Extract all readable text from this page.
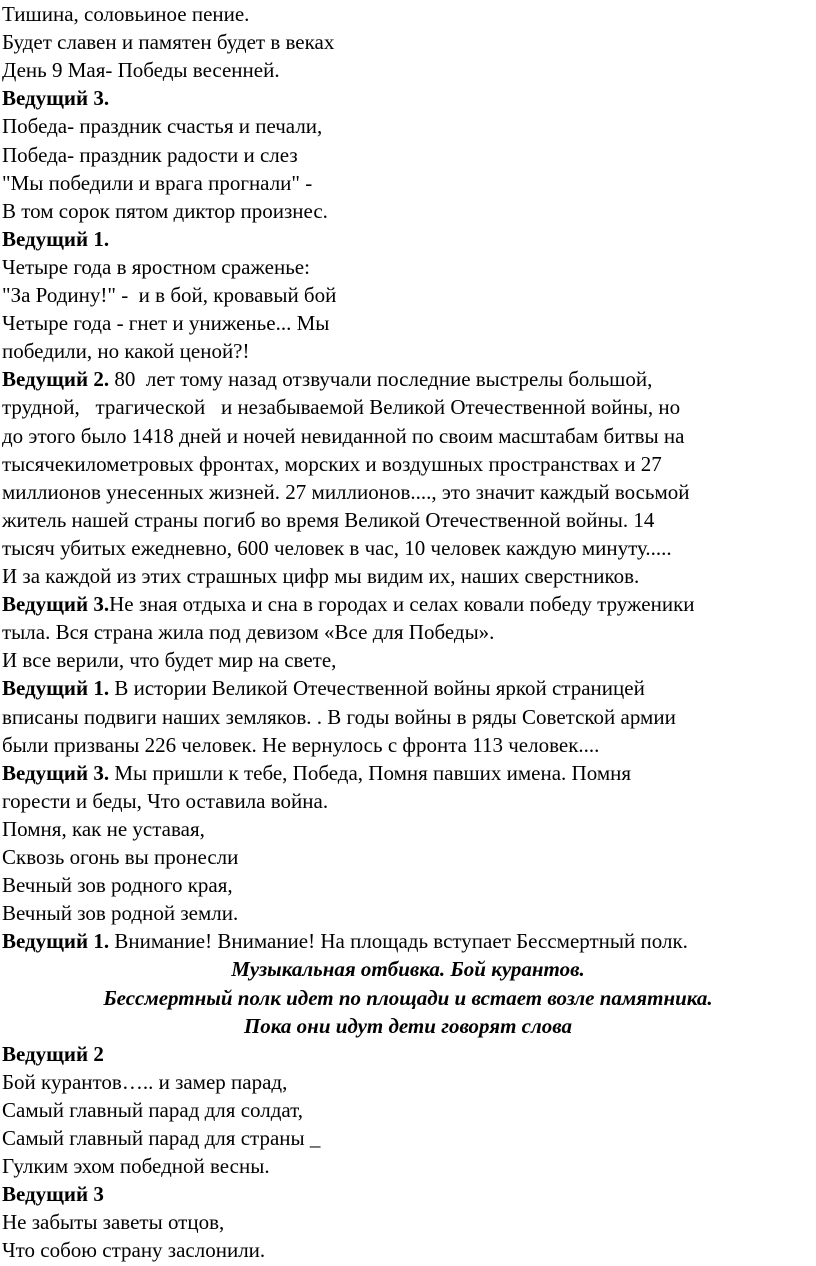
Тишина, соловьиное пение.
Будет славен и памятен будет в веках
День 9 Мая- Победы весенней.
Ведущий 3.
Победа- праздник счастья и печали,
Победа- праздник радости и слез
"Мы победили и врага прогнали" -
В том сорок пятом диктор произнес.
Ведущий 1.
Четыре года в яростном сраженье:
"За Родину!" -  и в бой, кровавый бой
Четыре года - гнет и униженье... Мы
победили, но какой ценой?!
Ведущий 2. 80  лет тому назад отзвучали последние выстрелы большой,
трудной,   трагической   и незабываемой Великой Отечественной войны, но
до этого было 1418 дней и ночей невиданной по своим масштабам битвы на
тысячекилометровых фронтах, морских и воздушных пространствах и 27
миллионов унесенных жизней. 27 миллионов...., это значит каждый восьмой
житель нашей страны погиб во время Великой Отечественной войны. 14
тысяч убитых ежедневно, 600 человек в час, 10 человек каждую минуту.....
И за каждой из этих страшных цифр мы видим их, наших сверстников.
Ведущий 3.Не зная отдыха и сна в городах и селах ковали победу труженики
тыла. Вся страна жила под девизом «Все для Победы».
И все верили, что будет мир на свете,
Ведущий 1. В истории Великой Отечественной войны яркой страницей
вписаны подвиги наших земляков. . В годы войны в ряды Советской армии
были призваны 226 человек. Не вернулось с фронта 113 человек....
Ведущий 3. Мы пришли к тебе, Победа, Помня павших имена. Помня
горести и беды, Что оставила война.
Помня, как не уставая,
Сквозь огонь вы пронесли
Вечный зов родного края,
Вечный зов родной земли.
Ведущий 1. Внимание! Внимание! На площадь вступает Бессмертный полк.
Музыкальная отбивка. Бой курантов.
Бессмертный полк идет по площади и встает возле памятника.
Пока они идут дети говорят слова
Ведущий 2
Бой курантов….. и замер парад,
Самый главный парад для солдат,
Самый главный парад для страны _
Гулким эхом победной весны.
Ведущий 3
Не забыты заветы отцов,
Что собою страну заслонили.
